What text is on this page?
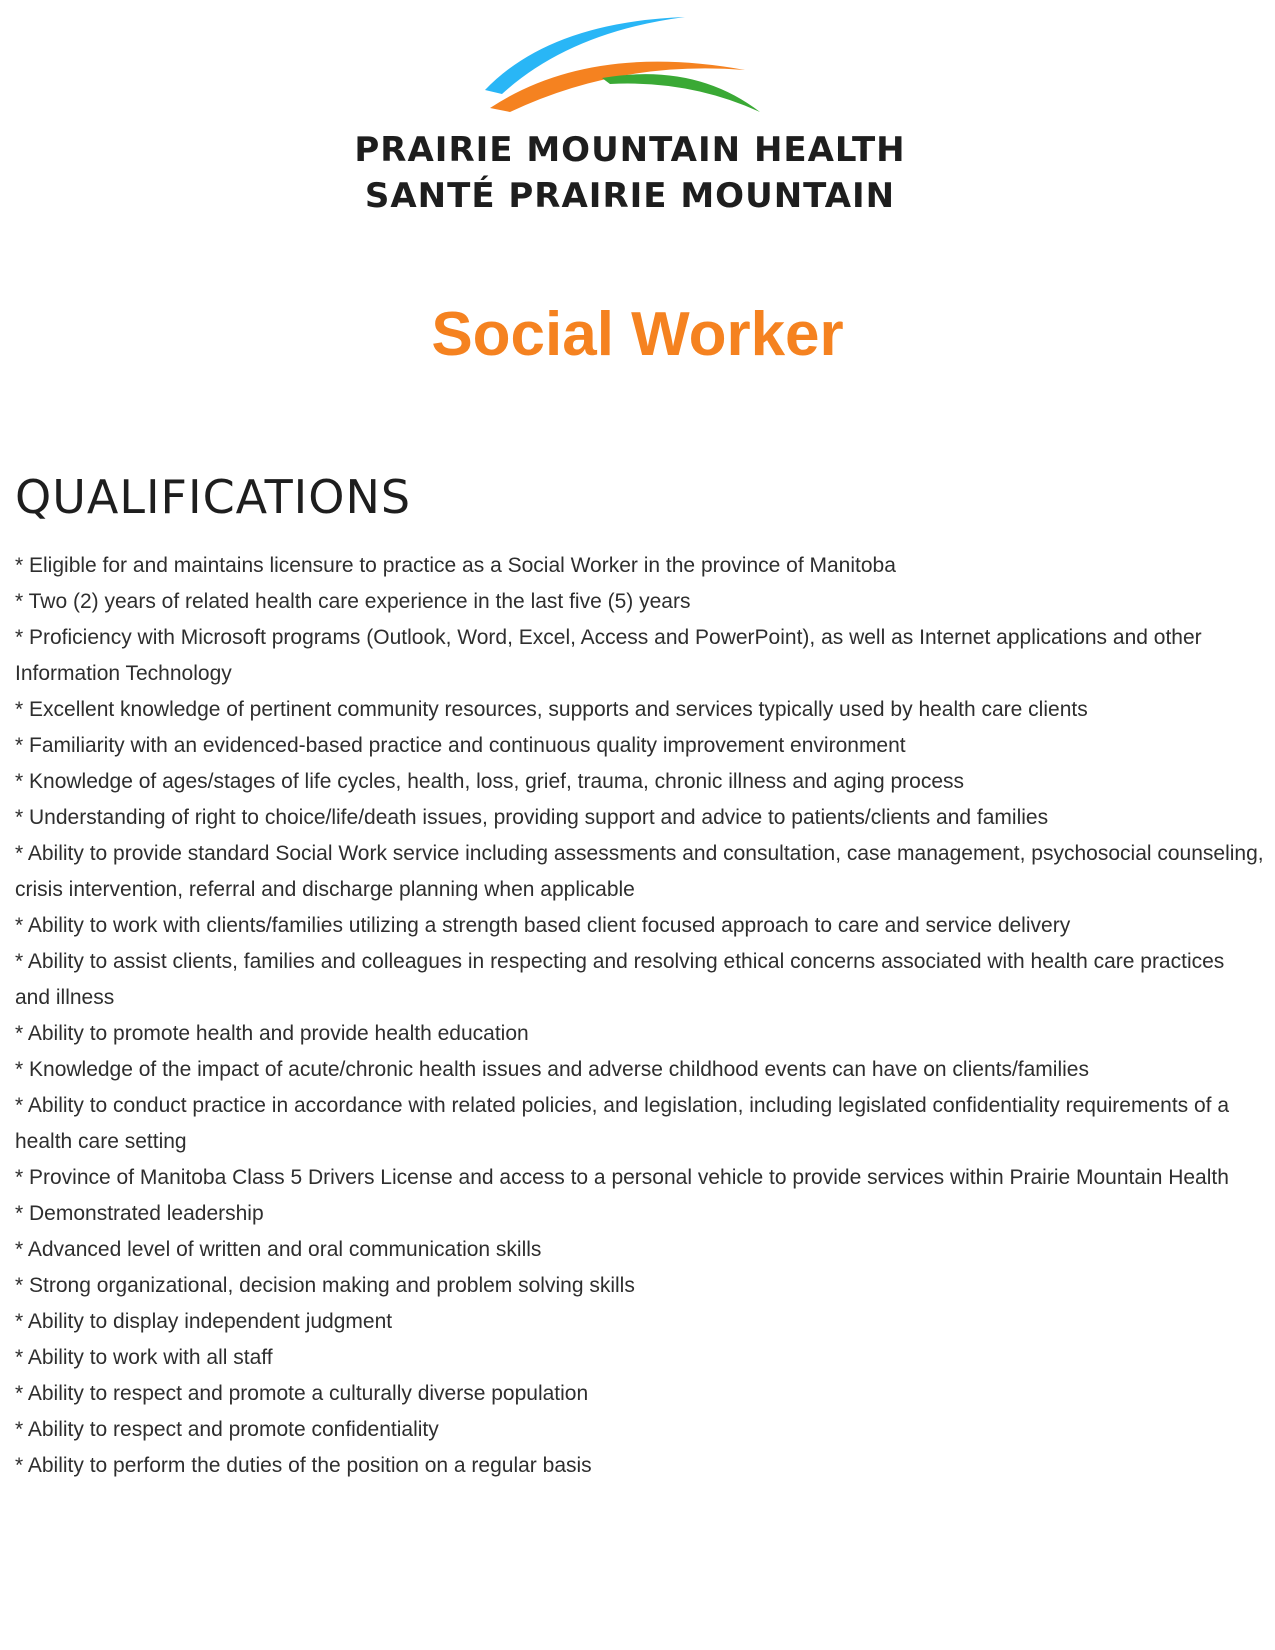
PRAIRIE MOUNTAIN HEALTH
SANTÉ PRAIRIE MOUNTAIN
Social Worker
QUALIFICATIONS
* Eligible for and maintains licensure to practice as a Social Worker in the province of Manitoba
* Two (2) years of related health care experience in the last five (5) years
* Proficiency with Microsoft programs (Outlook, Word, Excel, Access and PowerPoint), as well as Internet applications and other Information Technology
* Excellent knowledge of pertinent community resources, supports and services typically used by health care clients
* Familiarity with an evidenced-based practice and continuous quality improvement environment
* Knowledge of ages/stages of life cycles, health, loss, grief, trauma, chronic illness and aging process
* Understanding of right to choice/life/death issues, providing support and advice to patients/clients and families
* Ability to provide standard Social Work service including assessments and consultation, case management, psychosocial counseling, crisis intervention, referral and discharge planning when applicable
* Ability to work with clients/families utilizing a strength based client focused approach to care and service delivery
* Ability to assist clients, families and colleagues in respecting and resolving ethical concerns associated with health care practices and illness
* Ability to promote health and provide health education
* Knowledge of the impact of acute/chronic health issues and adverse childhood events can have on clients/families
* Ability to conduct practice in accordance with related policies, and legislation, including legislated confidentiality requirements of a health care setting
* Province of Manitoba Class 5 Drivers License and access to a personal vehicle to provide services within Prairie Mountain Health
* Demonstrated leadership
* Advanced level of written and oral communication skills
* Strong organizational, decision making and problem solving skills
* Ability to display independent judgment
* Ability to work with all staff
* Ability to respect and promote a culturally diverse population
* Ability to respect and promote confidentiality
* Ability to perform the duties of the position on a regular basis
